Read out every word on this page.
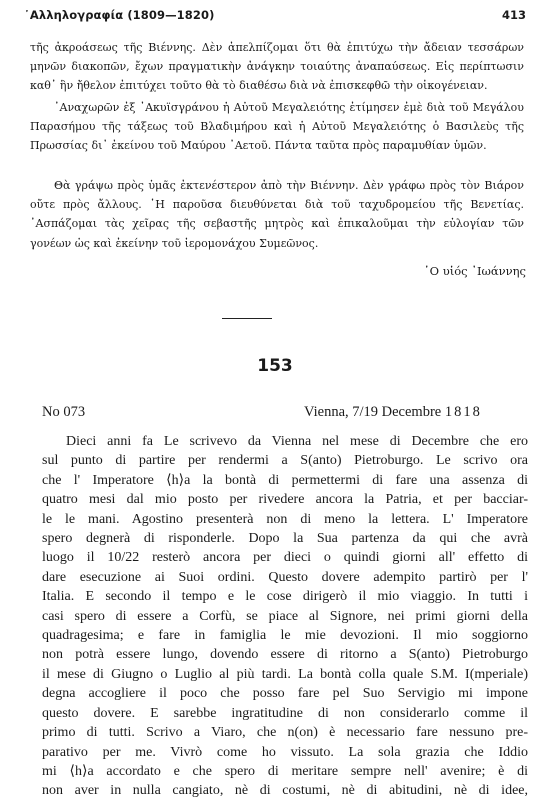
᾿Αλληλογραφία (1809—1820)	413

τῆς ἀκροάσεως τῆς Βιέννης. Δὲν ἀπελπίζομαι ὅτι θὰ ἐπιτύχω τὴν ἄδειαν τεσσάρων μηνῶν διακοπῶν, ἔχων πραγματικὴν ἀνάγκην τοιαύτης ἀναπαύσεως. Εἰς περίπτωσιν καθ᾿ ἣν ἤθελον ἐπιτύχει τοῦτο θὰ τὸ διαθέσω διὰ νὰ ἐπισκεφθῶ τὴν οἰκογένειαν.

᾿Αναχωρῶν ἐξ ᾿Ακυϊσγράνου ἡ Αὐτοῦ Μεγαλειότης ἐτίμησεν ἐμὲ διὰ τοῦ Μεγάλου Παρασήμου τῆς τάξεως τοῦ Βλαδιμήρου καὶ ἡ Αὐτοῦ Μεγαλειότης ὁ Βασιλεὺς τῆς Πρωσσίας δι᾿ ἐκείνου τοῦ Μαύρου ᾿Αετοῦ. Πάντα ταῦτα πρὸς παραμυθίαν ὑμῶν.

Θὰ γράψω πρὸς ὑμᾶς ἐκτενέστερον ἀπὸ τὴν Βιέννην. Δὲν γράφω πρὸς τὸν Βιάρον οὔτε πρὸς ἄλλους. ῾Η παροῦσα διευθύνεται διὰ τοῦ ταχυδρομείου τῆς Βενετίας. ᾿Ασπάζομαι τὰς χεῖρας τῆς σεβαστῆς μητρὸς καὶ ἐπικαλοῦμαι τὴν εὐλογίαν τῶν γονέων ὡς καὶ ἐκείνην τοῦ ἱερομονάχου Συμεῶνος.

῾Ο υἱός ᾿Ιωάννης
153
No 073	Vienna, 7/19 Decembre 1818
Dieci anni fa Le scrivevo da Vienna nel mese di Decembre che ero
sul punto di partire per rendermi a S(anto) Pietroburgo. Le scrivo ora
che l' Imperatore ⟨h⟩a la bontà di permettermi di fare una assenza di
quatro mesi dal mio posto per rivedere ancora la Patria, et per bacciar-
le le mani. Agostino presenterà non di meno la lettera. L' Imperatore
spero degnerà di risponderle. Dopo la Sua partenza da qui che avrà
luogo il 10/22 resterò ancora per dieci o quindi giorni all' effetto di
dare esecuzione ai Suoi ordini. Questo dovere adempito partirò per l'
Italia. E secondo il tempo e le cose dirigerò il mio viaggio. In tutti i
casi spero di essere a Corfù, se piace al Signore, nei primi giorni della
quadragesima; e fare in famiglia le mie devozioni. Il mio soggiorno
non potrà essere lungo, dovendo essere di ritorno a S(anto) Pietroburgo
il mese di Giugno o Luglio al più tardi. La bontà colla quale S.M. I(mperiale)
degna accogliere il poco che posso fare pel Suo Servigio mi impone
questo dovere. E sarebbe ingratitudine di non considerarlo comme il
primo di tutti. Scrivo a Viaro, che n(on) è necessario fare nessuno pre-
parativo per me. Vivrò come ho vissuto. La sola grazia che Iddio
mi ⟨h⟩a accordato e che spero di meritare sempre nell' avenire; è di
non aver in nulla cangiato, nè di costumi, nè di abitudini, nè di idee,
